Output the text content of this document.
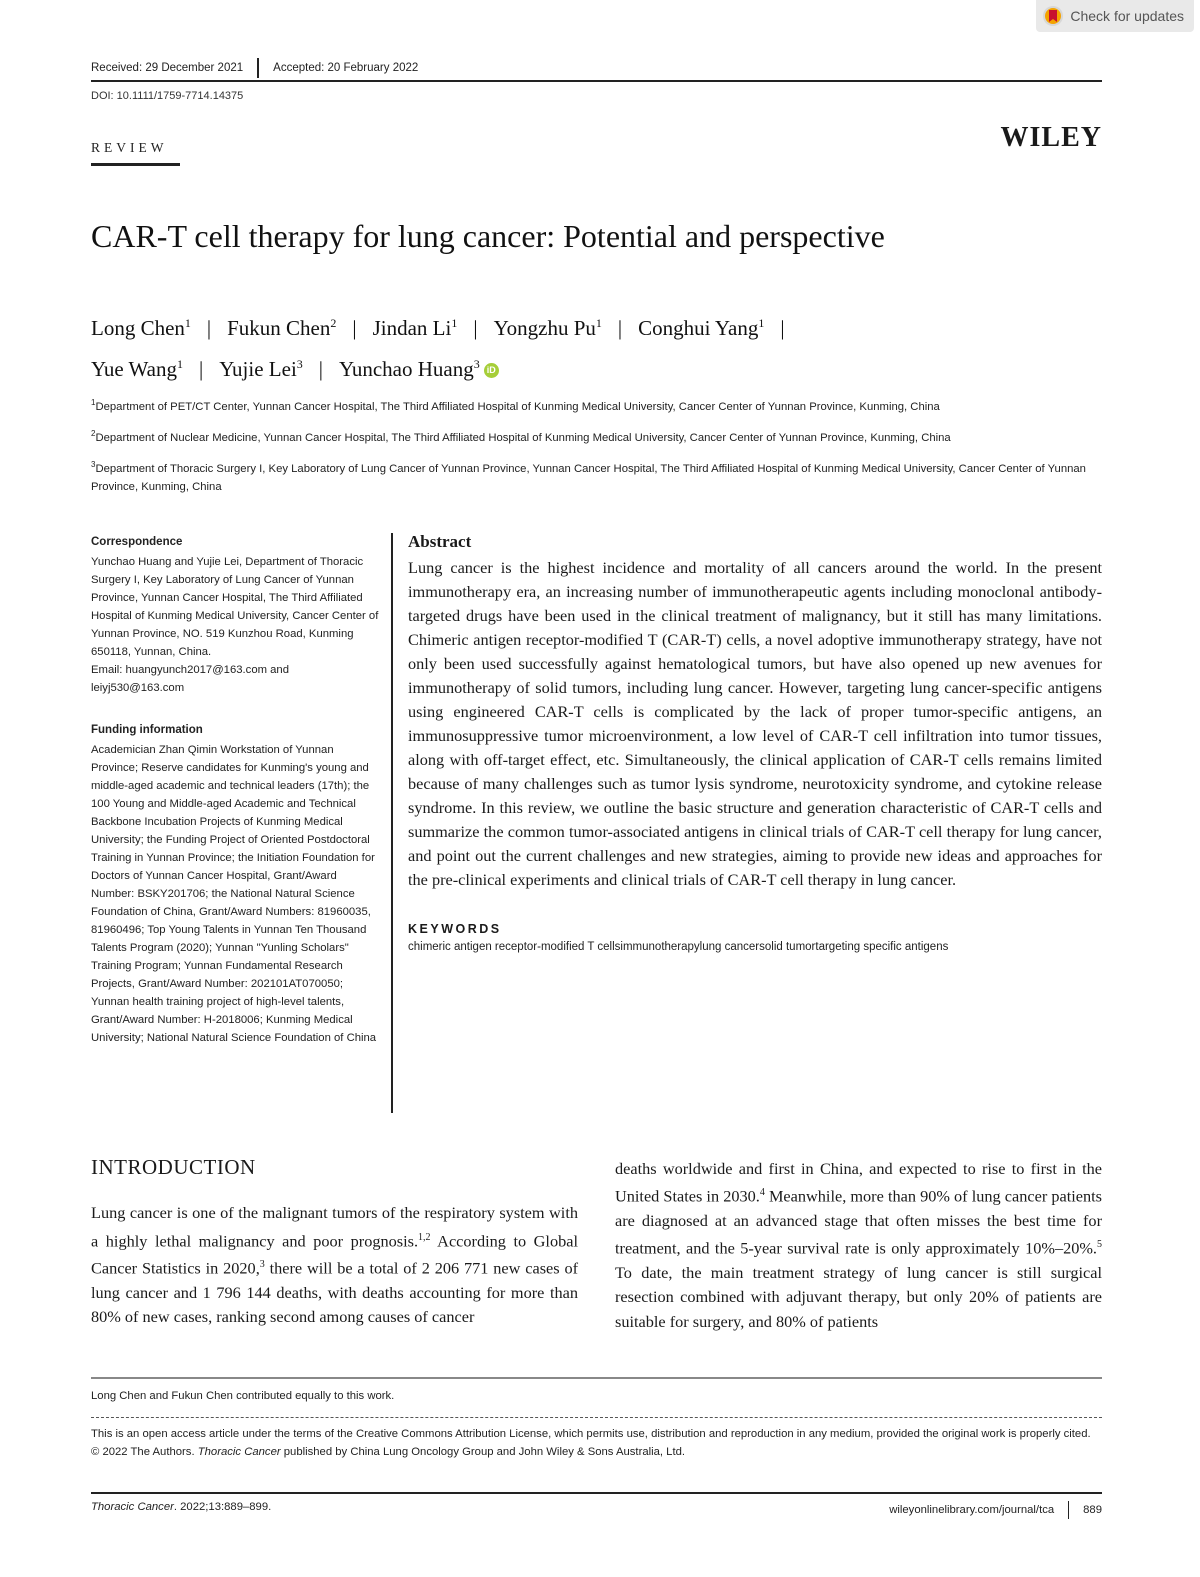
Check for updates
Received: 29 December 2021	Accepted: 20 February 2022
DOI: 10.1111/1759-7714.14375
REVIEW	WILEY
CAR-T cell therapy for lung cancer: Potential and perspective
Long Chen$^1$ | Fukun Chen$^2$ | Jindan Li$^1$ | Yongzhu Pu$^1$ | Conghui Yang$^1$ |
Yue Wang$^1$ | Yujie Lei$^3$ | Yunchao Huang$^3$ iD
$^1$Department of PET/CT Center, Yunnan Cancer Hospital, The Third Affiliated Hospital of Kunming Medical University, Cancer Center of Yunnan Province, Kunming, China
$^2$Department of Nuclear Medicine, Yunnan Cancer Hospital, The Third Affiliated Hospital of Kunming Medical University, Cancer Center of Yunnan Province, Kunming, China
$^3$Department of Thoracic Surgery I, Key Laboratory of Lung Cancer of Yunnan Province, Yunnan Cancer Hospital, The Third Affiliated Hospital of Kunming Medical University, Cancer Center of Yunnan Province, Kunming, China
Correspondence

Yunchao Huang and Yujie Lei, Department of Thoracic Surgery I, Key Laboratory of Lung Cancer of Yunnan Province, Yunnan Cancer Hospital, The Third Affiliated Hospital of Kunming Medical University, Cancer Center of Yunnan Province, NO. 519 Kunzhou Road, Kunming 650118, Yunnan, China.

Email: huangyunch2017@163.com and leiyj530@163.com

Funding information

Academician Zhan Qimin Workstation of Yunnan Province; Reserve candidates for Kunming's young and middle-aged academic and technical leaders (17th); the 100 Young and Middle-aged Academic and Technical Backbone Incubation Projects of Kunming Medical University; the Funding Project of Oriented Postdoctoral Training in Yunnan Province; the Initiation Foundation for Doctors of Yunnan Cancer Hospital, Grant/Award Number: BSKY201706; the National Natural Science Foundation of China, Grant/Award Numbers: 81960035, 81960496; Top Young Talents in Yunnan Ten Thousand Talents Program (2020); Yunnan "Yunling Scholars" Training Program; Yunnan Fundamental Research Projects, Grant/Award Number: 202101AT070050; Yunnan health training project of high-level talents, Grant/Award Number: H-2018006; Kunming Medical University; National Natural Science Foundation of China

Abstract

Lung cancer is the highest incidence and mortality of all cancers around the world. In the present immunotherapy era, an increasing number of immunotherapeutic agents including monoclonal antibody-targeted drugs have been used in the clinical treatment of malignancy, but it still has many limitations. Chimeric antigen receptor-modified T (CAR-T) cells, a novel adoptive immunotherapy strategy, have not only been used successfully against hematological tumors, but have also opened up new avenues for immunotherapy of solid tumors, including lung cancer. However, targeting lung cancer-specific antigens using engineered CAR-T cells is complicated by the lack of proper tumor-specific antigens, an immunosuppressive tumor microenvironment, a low level of CAR-T cell infiltration into tumor tissues, along with off-target effect, etc. Simultaneously, the clinical application of CAR-T cells remains limited because of many challenges such as tumor lysis syndrome, neurotoxicity syndrome, and cytokine release syndrome. In this review, we outline the basic structure and generation characteristic of CAR-T cells and summarize the common tumor-associated antigens in clinical trials of CAR-T cell therapy for lung cancer, and point out the current challenges and new strategies, aiming to provide new ideas and approaches for the pre-clinical experiments and clinical trials of CAR-T cell therapy in lung cancer.

KEYWORDS
chimeric antigen receptor-modified T cellsimmunotherapylung cancersolid tumortargeting specific antigens
INTRODUCTION

Lung cancer is one of the malignant tumors of the respiratory system with a highly lethal malignancy and poor prognosis.$^{1,2}$ According to Global Cancer Statistics in 2020,$^3$ there will be a total of 2 206 771 new cases of lung cancer and 1 796 144 deaths, with deaths accounting for more than 80% of new cases, ranking second among causes of cancer

deaths worldwide and first in China, and expected to rise to first in the United States in 2030.$^4$ Meanwhile, more than 90% of lung cancer patients are diagnosed at an advanced stage that often misses the best time for treatment, and the 5-year survival rate is only approximately 10%–20%.$^5$ To date, the main treatment strategy of lung cancer is still surgical resection combined with adjuvant therapy, but only 20% of patients are suitable for surgery, and 80% of patients

Long Chen and Fukun Chen contributed equally to this work.

This is an open access article under the terms of the Creative Commons Attribution License, which permits use, distribution and reproduction in any medium, provided the original work is properly cited.

© 2022 The Authors. Thoracic Cancer published by China Lung Oncology Group and John Wiley & Sons Australia, Ltd.

Thoracic Cancer. 2022;13:889–899.	wileyonlinelibrary.com/journal/tca	889
